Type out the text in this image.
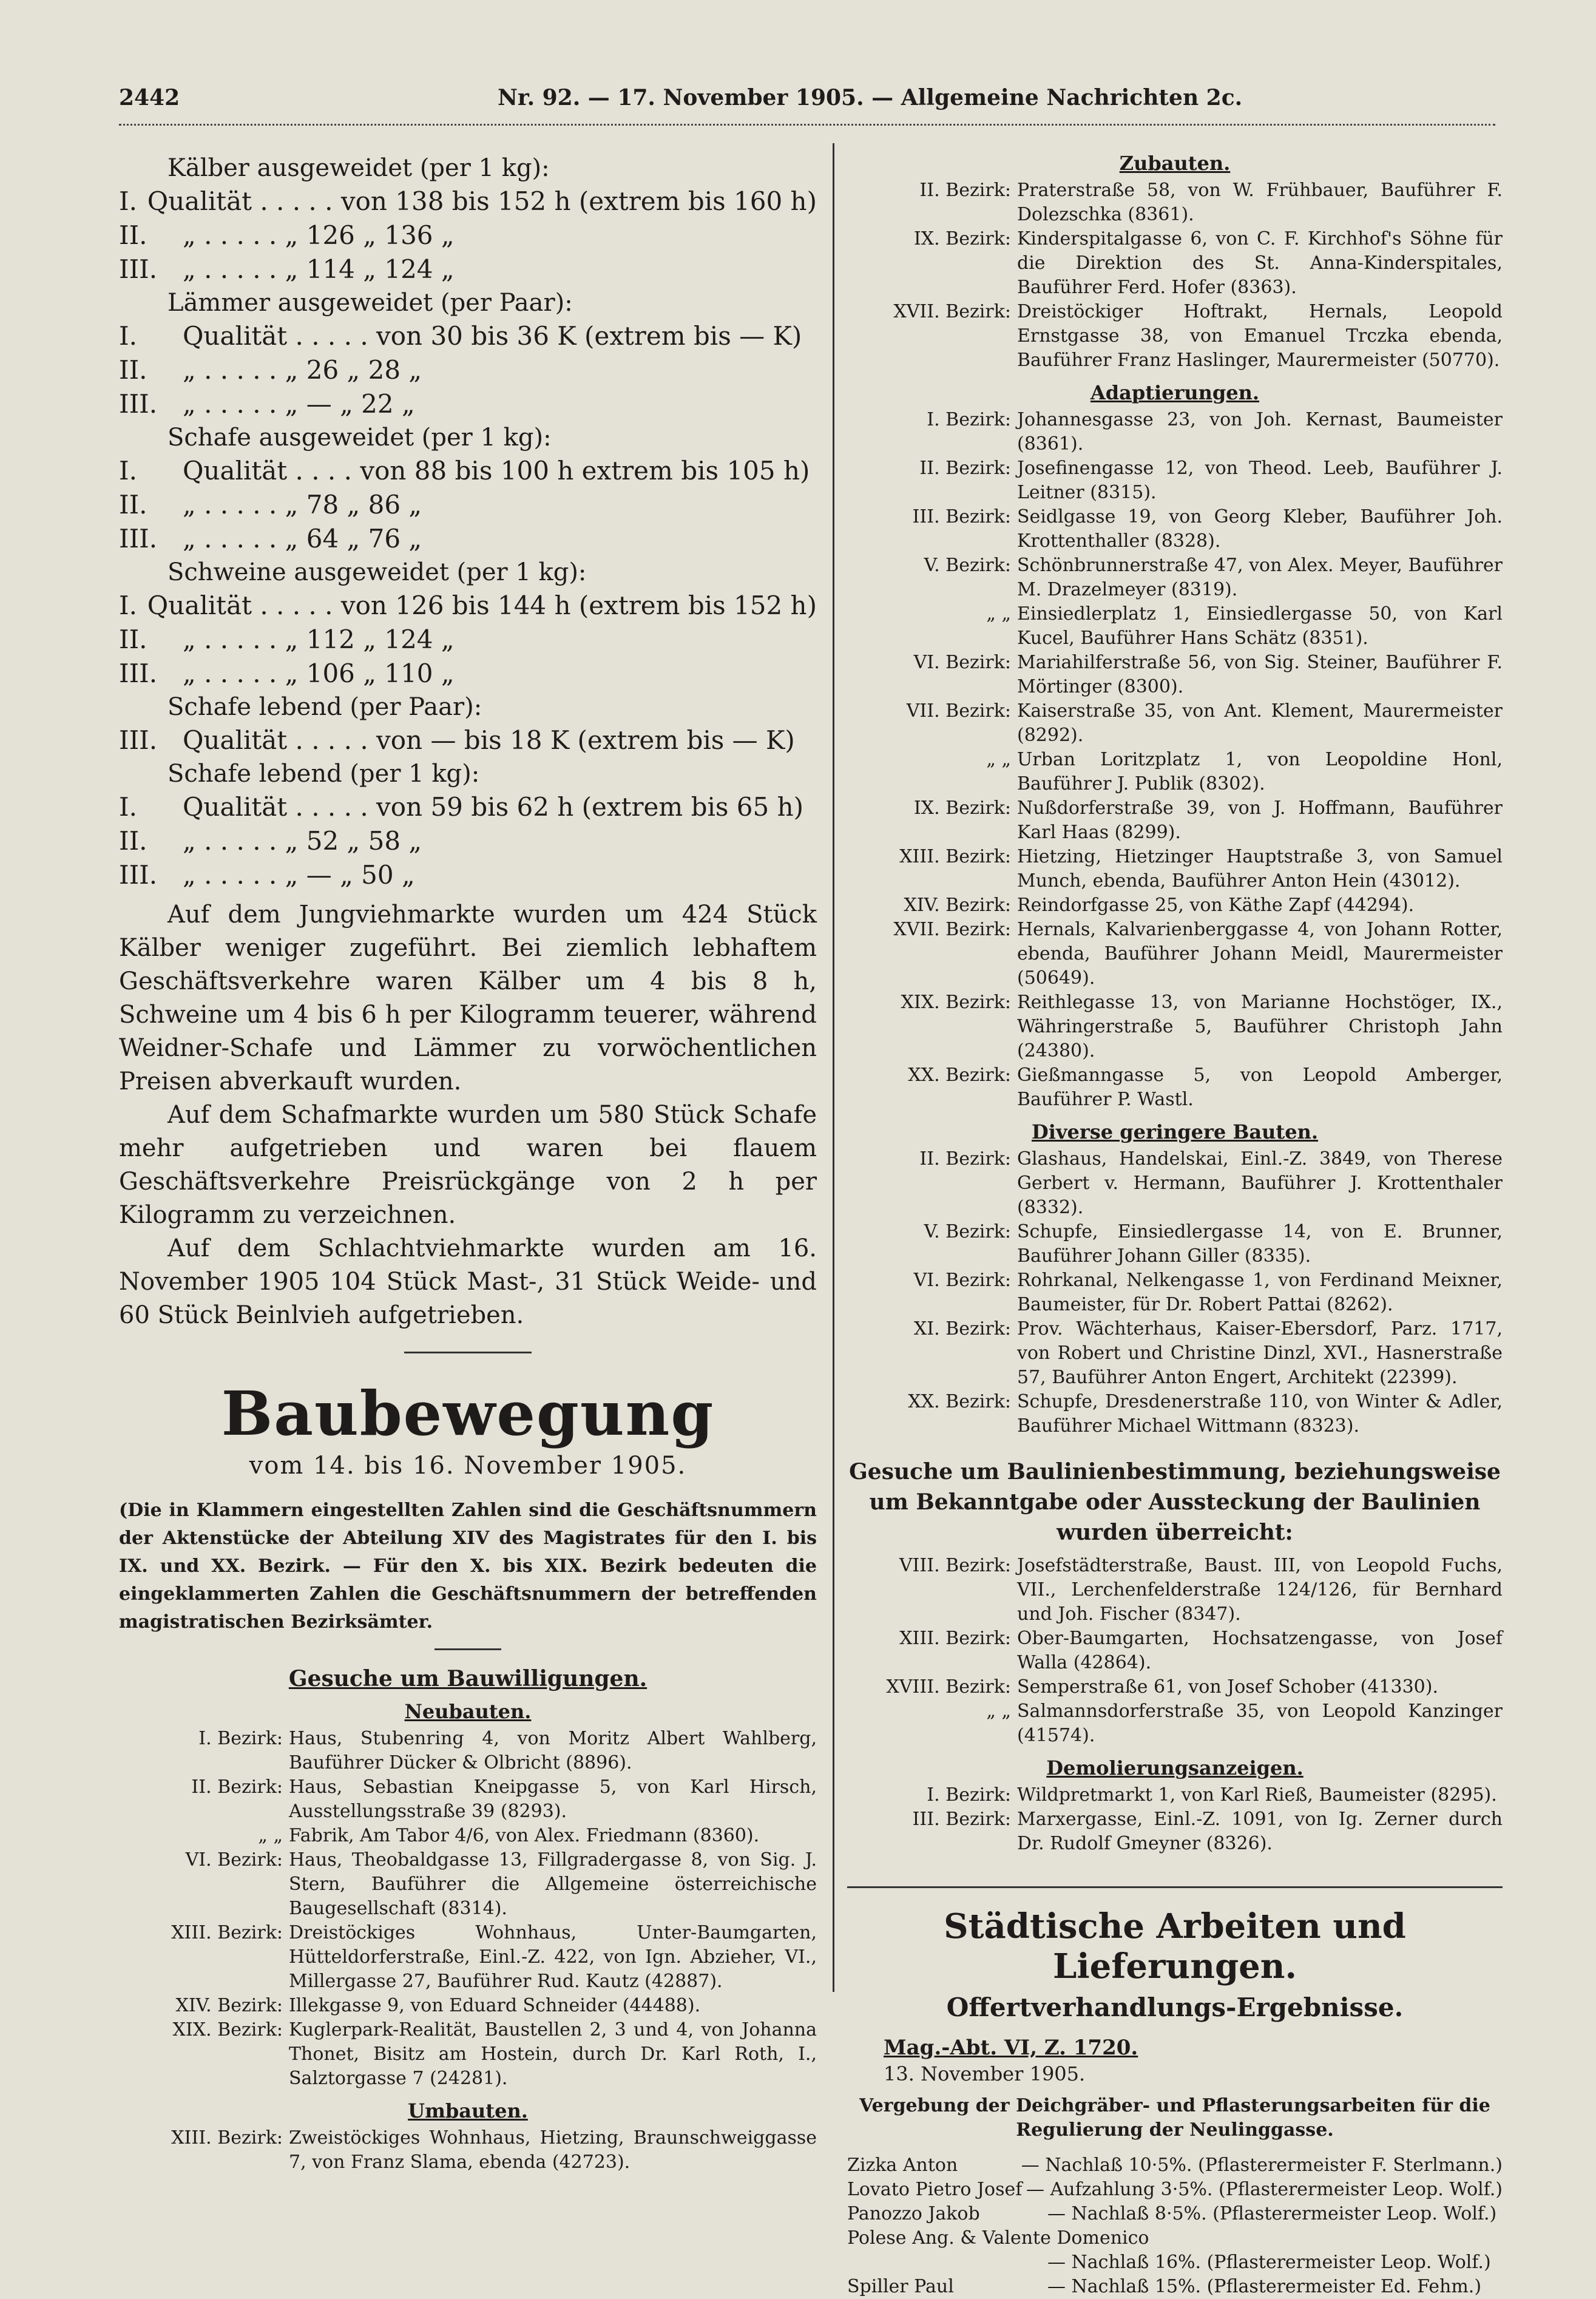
2442	Nr. 92. — 17. November 1905. — Allgemeine Nachrichten 2c.
Kälber ausgeweidet (per 1 kg):
I. Qualität . . . . . von 138 bis 152 h (extrem bis 160 h)
II.	„ . . . . . „ 126 „ 136 „
III. „ . . . . . „ 114 „ 124 „
Lämmer ausgeweidet (per Paar):
I.	Qualität . . . . . von 30 bis 36 K (extrem bis — K)
II.	„ . . . . . „ 26 „ 28 „
III. „ . . . . . „ — „ 22 „
Schafe ausgeweidet (per 1 kg):
I.	Qualität . . . . von 88 bis 100 h extrem bis 105 h)
II.	„ . . . . . „ 78 „ 86 „
III. „ . . . . . „ 64 „ 76 „
Schweine ausgeweidet (per 1 kg):
I. Qualität . . . . . von 126 bis 144 h (extrem bis 152 h)
II.	„ . . . . . „ 112 „ 124 „
III. „ . . . . . „ 106 „ 110 „
Schafe lebend (per Paar):
III. Qualität . . . . . von — bis 18 K (extrem bis — K)
Schafe lebend (per 1 kg):
I.	Qualität . . . . . von 59 bis 62 h (extrem bis 65 h)
II.	„ . . . . . „ 52 „ 58 „
III. „ . . . . . „ — „ 50 „

Auf dem Jungviehmarkte wurden um 424 Stück Kälber weniger zugeführt. Bei ziemlich lebhaftem Geschäftsverkehre waren Kälber um 4 bis 8 h, Schweine um 4 bis 6 h per Kilogramm teuerer, während Weidner-Schafe und Lämmer zu vorwöchentlichen Preisen abverkauft wurden.

Auf dem Schafmarkte wurden um 580 Stück Schafe mehr aufgetrieben und waren bei flauem Geschäftsverkehre Preisrückgänge von 2 h per Kilogramm zu verzeichnen.

Auf dem Schlachtviehmarkte wurden am 16. November 1905 104 Stück Mast-, 31 Stück Weide- und 60 Stück Beinlvieh aufgetrieben.

Baubewegung
vom 14. bis 16. November 1905.

(Die in Klammern eingestellten Zahlen sind die Geschäftsnummern der Aktenstücke der Abteilung XIV des Magistrates für den I. bis IX. und XX. Bezirk. — Für den X. bis XIX. Bezirk bedeuten die eingeklammerten Zahlen die Geschäftsnummern der betreffenden magistratischen Bezirksämter.

Gesuche um Bauwilligungen.
Neubauten.
I. Bezirk: Haus, Stubenring 4, von Moritz Albert Wahlberg, Bauführer Dücker & Olbricht (8896).
II. Bezirk: Haus, Sebastian Kneipgasse 5, von Karl Hirsch, Ausstellungsstraße 39 (8293).
„ „ Fabrik, Am Tabor 4/6, von Alex. Friedmann (8360).
VI. Bezirk: Haus, Theobaldgasse 13, Fillgradergasse 8, von Sig. J. Stern, Bauführer die Allgemeine österreichische Baugesellschaft (8314).
XIII. Bezirk: Dreistöckiges Wohnhaus, Unter-Baumgarten, Hütteldorferstraße, Einl.-Z. 422, von Ign. Abzieher, VI., Millergasse 27, Bauführer Rud. Kautz (42887).
XIV. Bezirk: Illekgasse 9, von Eduard Schneider (44488).
XIX. Bezirk: Kuglerpark-Realität, Baustellen 2, 3 und 4, von Johanna Thonet, Bisitz am Hostein, durch Dr. Karl Roth, I., Salztorgasse 7 (24281).
Umbauten.
XIII. Bezirk: Zweistöckiges Wohnhaus, Hietzing, Braunschweiggasse 7, von Franz Slama, ebenda (42723).
Zubauten.
II. Bezirk: Praterstraße 58, von W. Frühbauer, Bauführer F. Dolezschka (8361).
IX. Bezirk: Kinderspitalgasse 6, von C. F. Kirchhof's Söhne für die Direktion des St. Anna-Kinderspitales, Bauführer Ferd. Hofer (8363).
XVII. Bezirk: Dreistöckiger Hoftrakt, Hernals, Leopold Ernstgasse 38, von Emanuel Trczka ebenda, Bauführer Franz Haslinger, Maurermeister (50770).
Adaptierungen.
I. Bezirk: Johannesgasse 23, von Joh. Kernast, Baumeister (8361).
II. Bezirk: Josefinengasse 12, von Theod. Leeb, Bauführer J. Leitner (8315).
III. Bezirk: Seidlgasse 19, von Georg Kleber, Bauführer Joh. Krottenthaller (8328).
V. Bezirk: Schönbrunnerstraße 47, von Alex. Meyer, Bauführer M. Drazelmeyer (8319).
„ „ Einsiedlerplatz 1, Einsiedlergasse 50, von Karl Kucel, Bauführer Hans Schätz (8351).
VI. Bezirk: Mariahilferstraße 56, von Sig. Steiner, Bauführer F. Mörtinger (8300).
VII. Bezirk: Kaiserstraße 35, von Ant. Klement, Maurermeister (8292).
„ „ Urban Loritzplatz 1, von Leopoldine Honl, Bauführer J. Publik (8302).
IX. Bezirk: Nußdorferstraße 39, von J. Hoffmann, Bauführer Karl Haas (8299).
XIII. Bezirk: Hietzing, Hietzinger Hauptstraße 3, von Samuel Munch, ebenda, Bauführer Anton Hein (43012).
XIV. Bezirk: Reindorfgasse 25, von Käthe Zapf (44294).
XVII. Bezirk: Hernals, Kalvarienberggasse 4, von Johann Rotter, ebenda, Bauführer Johann Meidl, Maurermeister (50649).
XIX. Bezirk: Reithlegasse 13, von Marianne Hochstöger, IX., Währingerstraße 5, Bauführer Christoph Jahn (24380).
XX. Bezirk: Gießmanngasse 5, von Leopold Amberger, Bauführer P. Wastl.
Diverse geringere Bauten.
II. Bezirk: Glashaus, Handelskai, Einl.-Z. 3849, von Therese Gerbert v. Hermann, Bauführer J. Krottenthaler (8332).
V. Bezirk: Schupfe, Einsiedlergasse 14, von E. Brunner, Bauführer Johann Giller (8335).
VI. Bezirk: Rohrkanal, Nelkengasse 1, von Ferdinand Meixner, Baumeister, für Dr. Robert Pattai (8262).
XI. Bezirk: Prov. Wächterhaus, Kaiser-Ebersdorf, Parz. 1717, von Robert und Christine Dinzl, XVI., Hasnerstraße 57, Bauführer Anton Engert, Architekt (22399).
XX. Bezirk: Schupfe, Dresdenerstraße 110, von Winter & Adler, Bauführer Michael Wittmann (8323).
Gesuche um Baulinienbestimmung, beziehungsweise um Bekanntgabe oder Aussteckung der Baulinien wurden überreicht:
VIII. Bezirk: Josefstädterstraße, Baust. III, von Leopold Fuchs, VII., Lerchenfelderstraße 124/126, für Bernhard und Joh. Fischer (8347).
XIII. Bezirk: Ober-Baumgarten, Hochsatzengasse, von Josef Walla (42864).
XVIII. Bezirk: Semperstraße 61, von Josef Schober (41330).
„ „ Salmannsdorferstraße 35, von Leopold Kanzinger (41574).
Demolierungsanzeigen.
I. Bezirk: Wildpretmarkt 1, von Karl Rieß, Baumeister (8295).
III. Bezirk: Marxergasse, Einl.-Z. 1091, von Ig. Zerner durch Dr. Rudolf Gmeyner (8326).
Städtische Arbeiten und Lieferungen.
Offertverhandlungs-Ergebnisse.
Mag.-Abt. VI, Z. 1720.
13. November 1905.
Vergebung der Deichgräber- und Pflasterungsarbeiten für die Regulierung der Neulinggasse.
Zizka Anton	— Nachlaß 10·5%. (Pflasterermeister F. Sterlmann.)
Lovato Pietro Josef — Aufzahlung 3·5%. (Pflasterermeister Leop. Wolf.)
Panozzo Jakob	— Nachlaß 8·5%. (Pflasterermeister Leop. Wolf.)
Polese Ang. & Valente Domenico
— Nachlaß 16%. (Pflasterermeister Leop. Wolf.)
Spiller Paul	— Nachlaß 15%. (Pflasterermeister Ed. Fehm.)
